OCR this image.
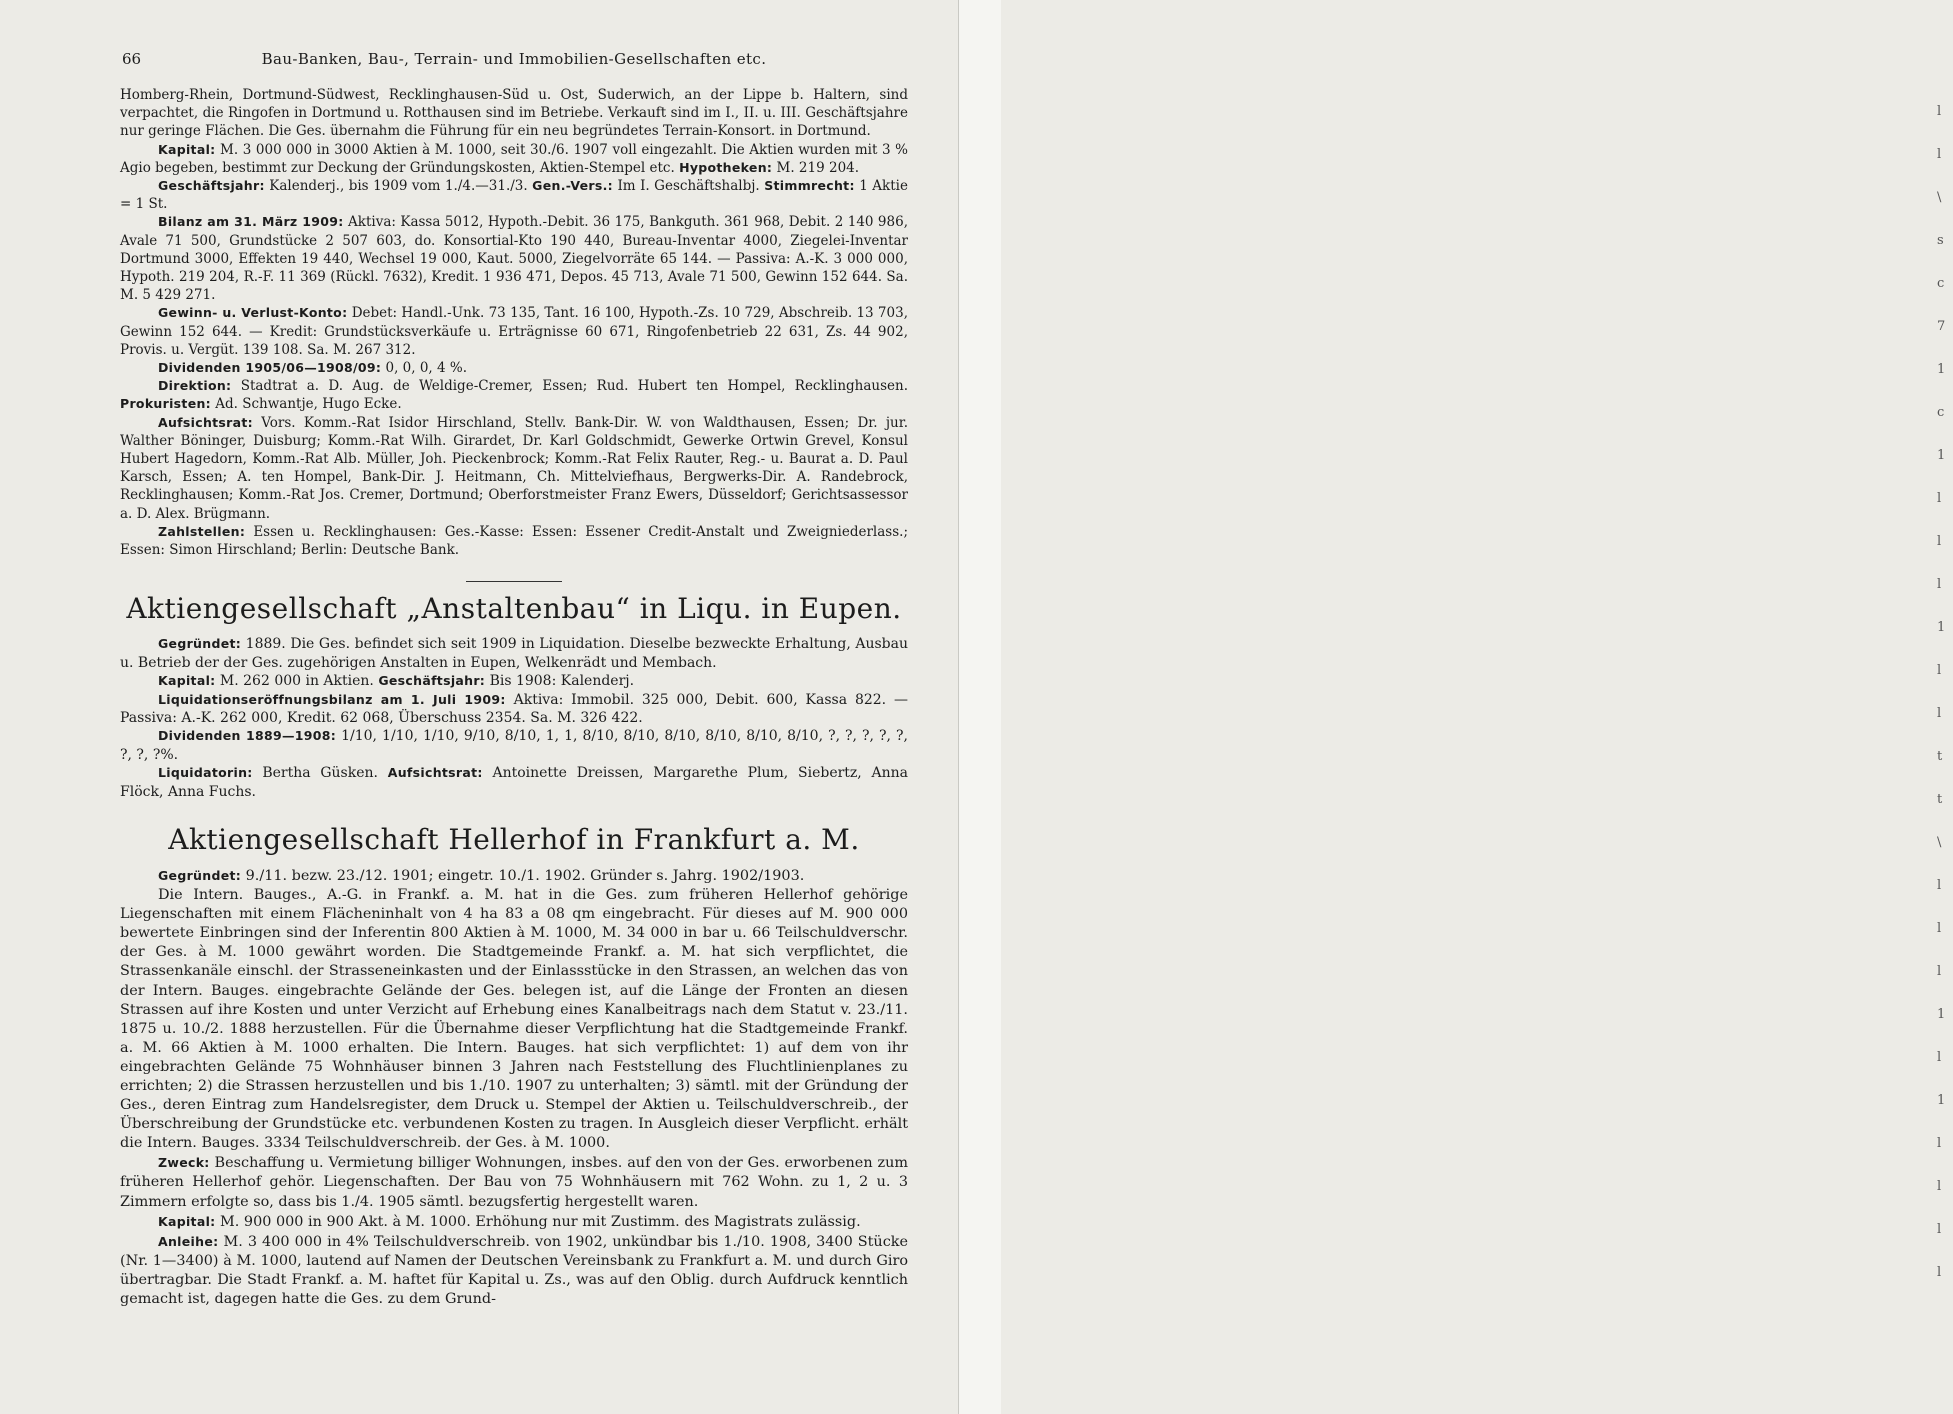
l
l
\
s
c
7
1
c
1
l
l
l
1
l
l
t
t
\
l
l
l
1
l
1
l
l
l
l
66	Bau-Banken, Bau-, Terrain- und Immobilien-Gesellschaften etc.

Homberg-Rhein, Dortmund-Südwest, Recklinghausen-Süd u. Ost, Suderwich, an der Lippe b. Haltern, sind verpachtet, die Ringofen in Dortmund u. Rotthausen sind im Betriebe. Verkauft sind im I., II. u. III. Geschäftsjahre nur geringe Flächen. Die Ges. übernahm die Führung für ein neu begründetes Terrain-Konsort. in Dortmund.

Kapital: M. 3 000 000 in 3000 Aktien à M. 1000, seit 30./6. 1907 voll eingezahlt. Die Aktien wurden mit 3 % Agio begeben, bestimmt zur Deckung der Gründungskosten, Aktien-Stempel etc. Hypotheken: M. 219 204.

Geschäftsjahr: Kalenderj., bis 1909 vom 1./4.—31./3. Gen.-Vers.: Im I. Geschäftshalbj. Stimmrecht: 1 Aktie = 1 St.

Bilanz am 31. März 1909: Aktiva: Kassa 5012, Hypoth.-Debit. 36 175, Bankguth. 361 968, Debit. 2 140 986, Avale 71 500, Grundstücke 2 507 603, do. Konsortial-Kto 190 440, Bureau-Inventar 4000, Ziegelei-Inventar Dortmund 3000, Effekten 19 440, Wechsel 19 000, Kaut. 5000, Ziegelvorräte 65 144. — Passiva: A.-K. 3 000 000, Hypoth. 219 204, R.-F. 11 369 (Rückl. 7632), Kredit. 1 936 471, Depos. 45 713, Avale 71 500, Gewinn 152 644. Sa. M. 5 429 271.

Gewinn- u. Verlust-Konto: Debet: Handl.-Unk. 73 135, Tant. 16 100, Hypoth.-Zs. 10 729, Abschreib. 13 703, Gewinn 152 644. — Kredit: Grundstücksverkäufe u. Erträgnisse 60 671, Ringofenbetrieb 22 631, Zs. 44 902, Provis. u. Vergüt. 139 108. Sa. M. 267 312.

Dividenden 1905/06—1908/09: 0, 0, 0, 4 %.

Direktion: Stadtrat a. D. Aug. de Weldige-Cremer, Essen; Rud. Hubert ten Hompel, Recklinghausen. Prokuristen: Ad. Schwantje, Hugo Ecke.

Aufsichtsrat: Vors. Komm.-Rat Isidor Hirschland, Stellv. Bank-Dir. W. von Waldthausen, Essen; Dr. jur. Walther Böninger, Duisburg; Komm.-Rat Wilh. Girardet, Dr. Karl Goldschmidt, Gewerke Ortwin Grevel, Konsul Hubert Hagedorn, Komm.-Rat Alb. Müller, Joh. Pieckenbrock; Komm.-Rat Felix Rauter, Reg.- u. Baurat a. D. Paul Karsch, Essen; A. ten Hompel, Bank-Dir. J. Heitmann, Ch. Mittelviefhaus, Bergwerks-Dir. A. Randebrock, Recklinghausen; Komm.-Rat Jos. Cremer, Dortmund; Oberforstmeister Franz Ewers, Düsseldorf; Gerichtsassessor a. D. Alex. Brügmann.

Zahlstellen: Essen u. Recklinghausen: Ges.-Kasse: Essen: Essener Credit-Anstalt und Zweigniederlass.; Essen: Simon Hirschland; Berlin: Deutsche Bank.

Aktiengesellschaft „Anstaltenbau“ in Liqu. in Eupen.

Gegründet: 1889. Die Ges. befindet sich seit 1909 in Liquidation. Dieselbe bezweckte Erhaltung, Ausbau u. Betrieb der der Ges. zugehörigen Anstalten in Eupen, Welkenrädt und Membach.

Kapital: M. 262 000 in Aktien. Geschäftsjahr: Bis 1908: Kalenderj.

Liquidationseröffnungsbilanz am 1. Juli 1909: Aktiva: Immobil. 325 000, Debit. 600, Kassa 822. — Passiva: A.-K. 262 000, Kredit. 62 068, Überschuss 2354. Sa. M. 326 422.

Dividenden 1889—1908: 1/10, 1/10, 1/10, 9/10, 8/10, 1, 1, 8/10, 8/10, 8/10, 8/10, 8/10, 8/10, ?, ?, ?, ?, ?, ?, ?, ?%.

Liquidatorin: Bertha Güsken. Aufsichtsrat: Antoinette Dreissen, Margarethe Plum, Siebertz, Anna Flöck, Anna Fuchs.

Aktiengesellschaft Hellerhof in Frankfurt a. M.

Gegründet: 9./11. bezw. 23./12. 1901; eingetr. 10./1. 1902. Gründer s. Jahrg. 1902/1903.

Die Intern. Bauges., A.-G. in Frankf. a. M. hat in die Ges. zum früheren Hellerhof gehörige Liegenschaften mit einem Flächeninhalt von 4 ha 83 a 08 qm eingebracht. Für dieses auf M. 900 000 bewertete Einbringen sind der Inferentin 800 Aktien à M. 1000, M. 34 000 in bar u. 66 Teilschuldverschr. der Ges. à M. 1000 gewährt worden. Die Stadtgemeinde Frankf. a. M. hat sich verpflichtet, die Strassenkanäle einschl. der Strasseneinkasten und der Einlassstücke in den Strassen, an welchen das von der Intern. Bauges. eingebrachte Gelände der Ges. belegen ist, auf die Länge der Fronten an diesen Strassen auf ihre Kosten und unter Verzicht auf Erhebung eines Kanalbeitrags nach dem Statut v. 23./11. 1875 u. 10./2. 1888 herzustellen. Für die Übernahme dieser Verpflichtung hat die Stadtgemeinde Frankf. a. M. 66 Aktien à M. 1000 erhalten. Die Intern. Bauges. hat sich verpflichtet: 1) auf dem von ihr eingebrachten Gelände 75 Wohnhäuser binnen 3 Jahren nach Feststellung des Fluchtlinienplanes zu errichten; 2) die Strassen herzustellen und bis 1./10. 1907 zu unterhalten; 3) sämtl. mit der Gründung der Ges., deren Eintrag zum Handelsregister, dem Druck u. Stempel der Aktien u. Teilschuldverschreib., der Überschreibung der Grundstücke etc. verbundenen Kosten zu tragen. In Ausgleich dieser Verpflicht. erhält die Intern. Bauges. 3334 Teilschuldverschreib. der Ges. à M. 1000.

Zweck: Beschaffung u. Vermietung billiger Wohnungen, insbes. auf den von der Ges. erworbenen zum früheren Hellerhof gehör. Liegenschaften. Der Bau von 75 Wohnhäusern mit 762 Wohn. zu 1, 2 u. 3 Zimmern erfolgte so, dass bis 1./4. 1905 sämtl. bezugsfertig hergestellt waren.

Kapital: M. 900 000 in 900 Akt. à M. 1000. Erhöhung nur mit Zustimm. des Magistrats zulässig.

Anleihe: M. 3 400 000 in 4% Teilschuldverschreib. von 1902, unkündbar bis 1./10. 1908, 3400 Stücke (Nr. 1—3400) à M. 1000, lautend auf Namen der Deutschen Vereinsbank zu Frankfurt a. M. und durch Giro übertragbar. Die Stadt Frankf. a. M. haftet für Kapital u. Zs., was auf den Oblig. durch Aufdruck kenntlich gemacht ist, dagegen hatte die Ges. zu dem Grund-
